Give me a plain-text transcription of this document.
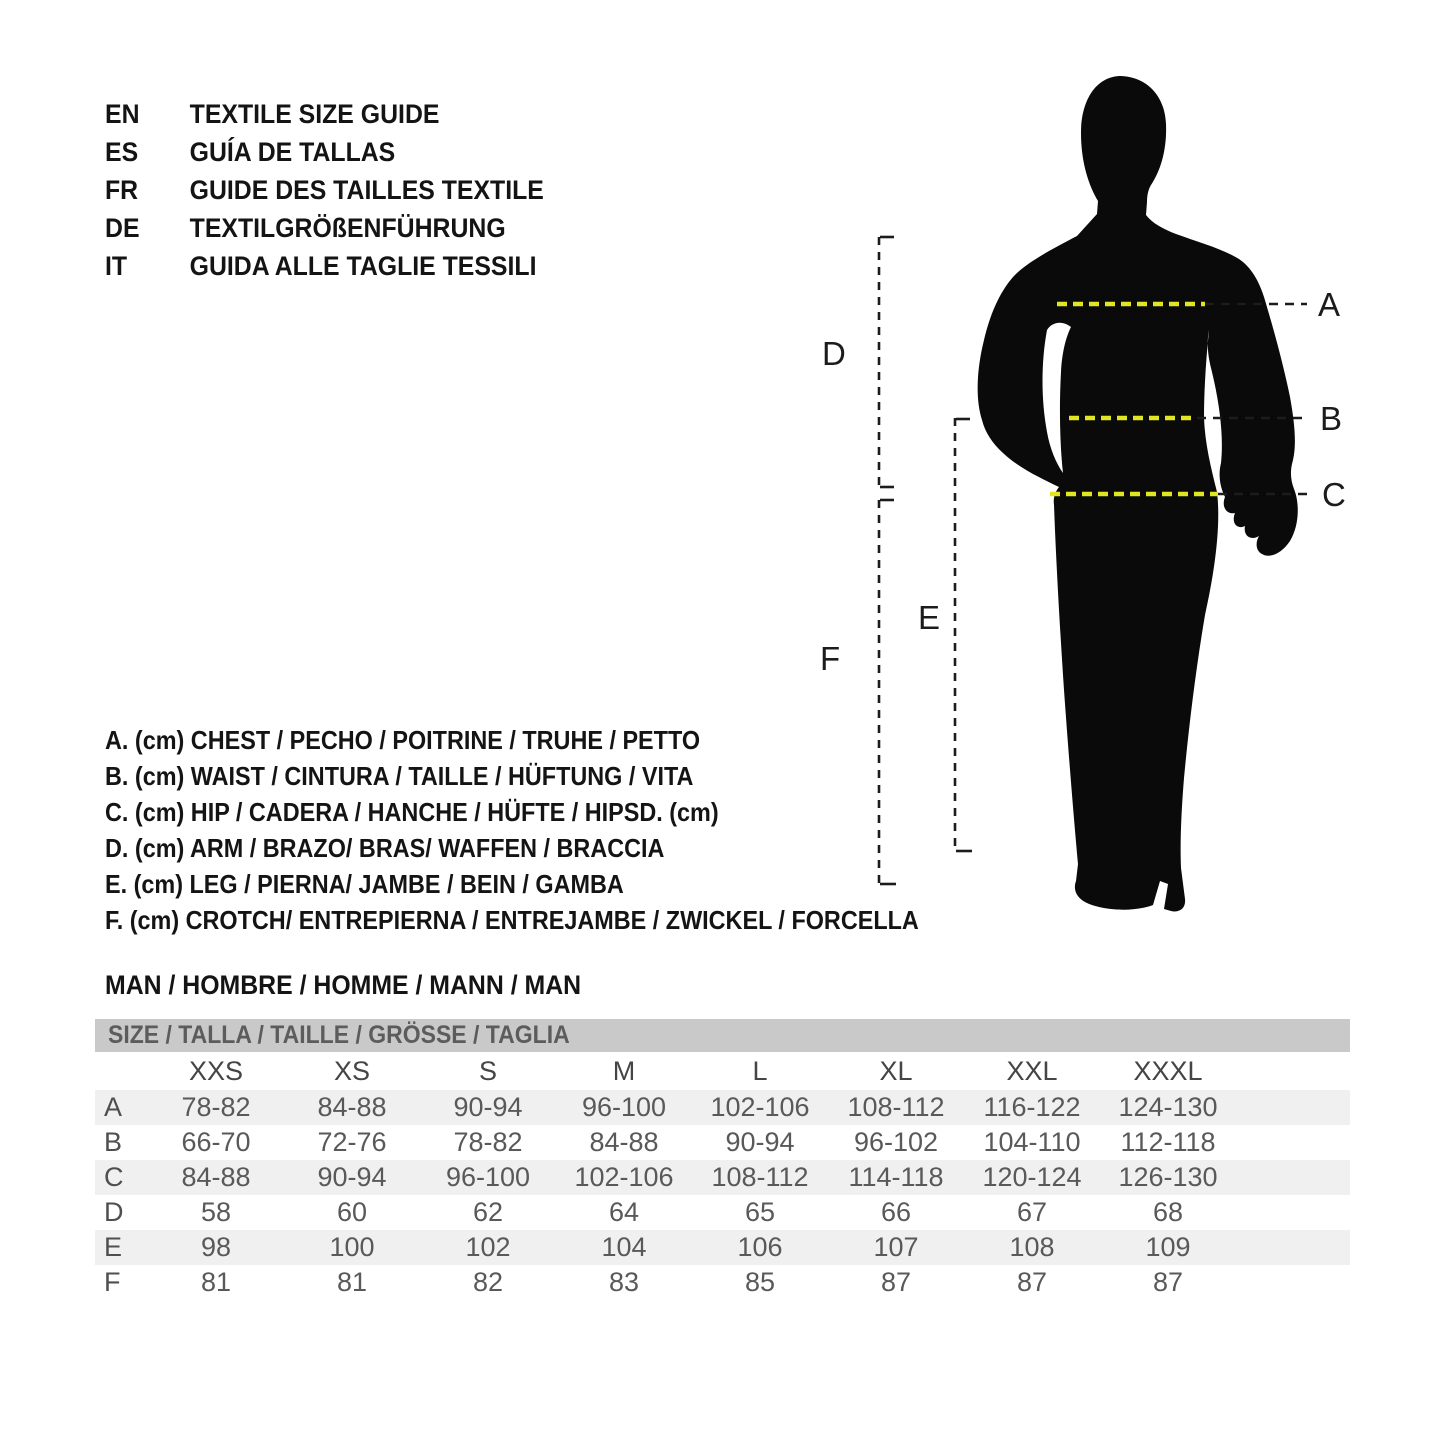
A
B
C
D
E
F
EN	TEXTILE SIZE GUIDE
ES	GUÍA DE TALLAS
FR	GUIDE DES TAILLES TEXTILE
DE	TEXTILGRÖßENFÜHRUNG
IT	GUIDA ALLE TAGLIE TESSILI
A. (cm) CHEST / PECHO / POITRINE / TRUHE / PETTO
B. (cm) WAIST / CINTURA / TAILLE / HÜFTUNG / VITA
C. (cm) HIP / CADERA / HANCHE / HÜFTE / HIPSD. (cm)
D. (cm) ARM / BRAZO/ BRAS/ WAFFEN / BRACCIA
E. (cm) LEG / PIERNA/ JAMBE / BEIN / GAMBA
F. (cm) CROTCH/ ENTREPIERNA / ENTREJAMBE / ZWICKEL / FORCELLA
MAN / HOMBRE / HOMME / MANN / MAN
SIZE / TALLA / TAILLE / GRÖSSE / TAGLIA
	XXS	XS	S	M	L	XL	XXL	XXXL	
A	78-82	84-88	90-94	96-100	102-106	108-112	116-122	124-130	
B	66-70	72-76	78-82	84-88	90-94	96-102	104-110	112-118	
C	84-88	90-94	96-100	102-106	108-112	114-118	120-124	126-130	
D	58	60	62	64	65	66	67	68	
E	98	100	102	104	106	107	108	109	
F	81	81	82	83	85	87	87	87	
